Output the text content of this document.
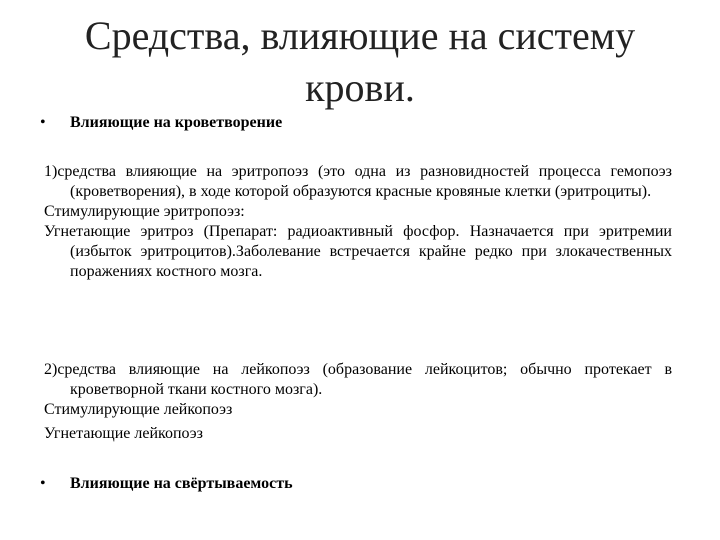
Средства, влияющие на систему
крови.
• Влияющие на кроветворение
1)средства влияющие на эритропоэз (это одна из разновидностей процесса гемопоэз (кроветворения), в ходе которой образуются красные кровяные клетки (эритроциты).
Стимулирующие эритропоэз:
Угнетающие эритроз (Препарат: радиоактивный фосфор. Назначается при эритремии (избыток эритроцитов).Заболевание встречается крайне редко при злокачественных поражениях костного мозга.
2)средства влияющие на лейкопоэз (образование лейкоцитов; обычно протекает в кроветворной ткани костного мозга).
Стимулирующие лейкопоэз
Угнетающие лейкопоэз
• Влияющие на свёртываемость
